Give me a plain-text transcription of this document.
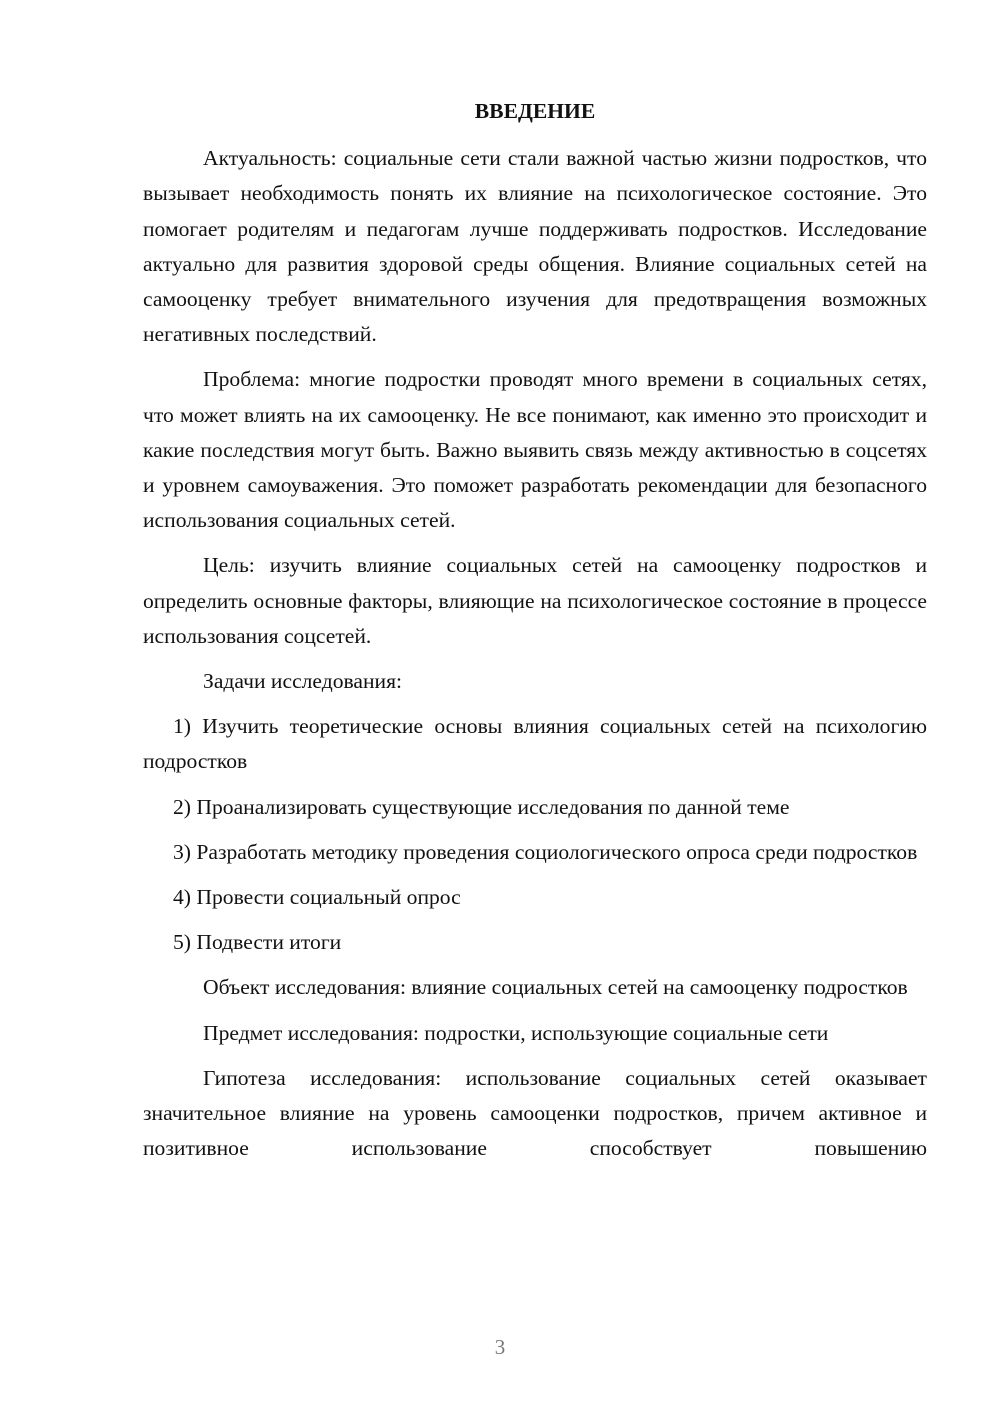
ВВЕДЕНИЕ

Актуальность: социальные сети стали важной частью жизни подростков, что вызывает необходимость понять их влияние на психологическое состояние. Это помогает родителям и педагогам лучше поддерживать подростков. Исследование актуально для развития здоровой среды общения. Влияние социальных сетей на самооценку требует внимательного изучения для предотвращения возможных негативных последствий.

Проблема: многие подростки проводят много времени в социальных сетях, что может влиять на их самооценку. Не все понимают, как именно это происходит и какие последствия могут быть. Важно выявить связь между активностью в соцсетях и уровнем самоуважения. Это поможет разработать рекомендации для безопасного использования социальных сетей.

Цель: изучить влияние социальных сетей на самооценку подростков и определить основные факторы, влияющие на психологическое состояние в процессе использования соцсетей.

Задачи исследования:

1) Изучить теоретические основы влияния социальных сетей на психологию подростков

2) Проанализировать существующие исследования по данной теме

3) Разработать методику проведения социологического опроса среди подростков

4) Провести социальный опрос

5) Подвести итоги

Объект исследования: влияние социальных сетей на самооценку подростков

Предмет исследования: подростки, использующие социальные сети

Гипотеза исследования: использование социальных сетей оказывает значительное влияние на уровень самооценки подростков, причем активное и позитивное использование способствует повышению

3
